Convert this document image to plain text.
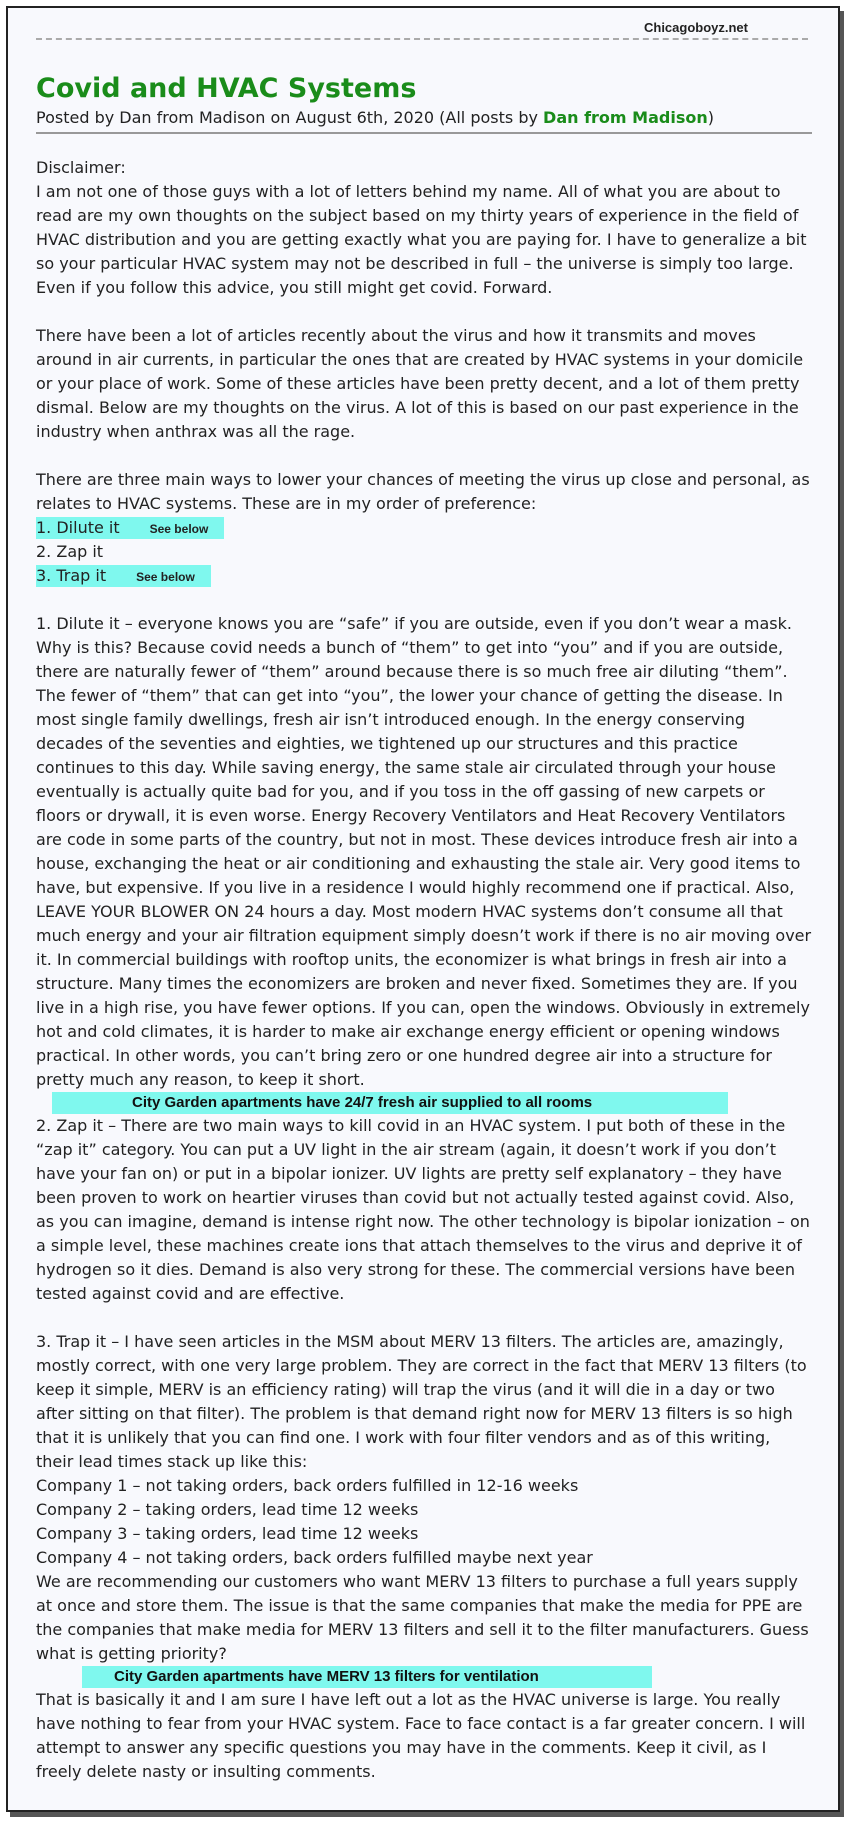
Chicagoboyz.net
Covid and HVAC Systems
Posted by Dan from Madison on August 6th, 2020 (All posts by Dan from Madison)
Disclaimer:

I am not one of those guys with a lot of letters behind my name. All of what you are about to read are my own thoughts on the subject based on my thirty years of experience in the field of HVAC distribution and you are getting exactly what you are paying for. I have to generalize a bit so your particular HVAC system may not be described in full – the universe is simply too large. Even if you follow this advice, you still might get covid. Forward.

There have been a lot of articles recently about the virus and how it transmits and moves around in air currents, in particular the ones that are created by HVAC systems in your domicile or your place of work. Some of these articles have been pretty decent, and a lot of them pretty dismal. Below are my thoughts on the virus. A lot of this is based on our past experience in the industry when anthrax was all the rage.

There are three main ways to lower your chances of meeting the virus up close and personal, as relates to HVAC systems. These are in my order of preference:
1. Dilute it	See below
2. Zap it
3. Trap it	See below
1. Dilute it – everyone knows you are “safe” if you are outside, even if you don’t wear a mask. Why is this? Because covid needs a bunch of “them” to get into “you” and if you are outside, there are naturally fewer of “them” around because there is so much free air diluting “them”. The fewer of “them” that can get into “you”, the lower your chance of getting the disease. In most single family dwellings, fresh air isn’t introduced enough. In the energy conserving decades of the seventies and eighties, we tightened up our structures and this practice continues to this day. While saving energy, the same stale air circulated through your house eventually is actually quite bad for you, and if you toss in the off gassing of new carpets or floors or drywall, it is even worse. Energy Recovery Ventilators and Heat Recovery Ventilators are code in some parts of the country, but not in most. These devices introduce fresh air into a house, exchanging the heat or air conditioning and exhausting the stale air. Very good items to have, but expensive. If you live in a residence I would highly recommend one if practical. Also, LEAVE YOUR BLOWER ON 24 hours a day. Most modern HVAC systems don’t consume all that much energy and your air filtration equipment simply doesn’t work if there is no air moving over it. In commercial buildings with rooftop units, the economizer is what brings in fresh air into a structure. Many times the economizers are broken and never fixed. Sometimes they are. If you live in a high rise, you have fewer options. If you can, open the windows. Obviously in extremely hot and cold climates, it is harder to make air exchange energy efficient or opening windows practical. In other words, you can’t bring zero or one hundred degree air into a structure for pretty much any reason, to keep it short.
City Garden apartments have 24/7 fresh air supplied to all rooms

2. Zap it – There are two main ways to kill covid in an HVAC system. I put both of these in the “zap it” category. You can put a UV light in the air stream (again, it doesn’t work if you don’t have your fan on) or put in a bipolar ionizer. UV lights are pretty self explanatory – they have been proven to work on heartier viruses than covid but not actually tested against covid. Also, as you can imagine, demand is intense right now. The other technology is bipolar ionization – on a simple level, these machines create ions that attach themselves to the virus and deprive it of hydrogen so it dies. Demand is also very strong for these. The commercial versions have been tested against covid and are effective.

3. Trap it – I have seen articles in the MSM about MERV 13 filters. The articles are, amazingly, mostly correct, with one very large problem. They are correct in the fact that MERV 13 filters (to keep it simple, MERV is an efficiency rating) will trap the virus (and it will die in a day or two after sitting on that filter). The problem is that demand right now for MERV 13 filters is so high that it is unlikely that you can find one. I work with four filter vendors and as of this writing, their lead times stack up like this:
Company 1 – not taking orders, back orders fulfilled in 12-16 weeks
Company 2 – taking orders, lead time 12 weeks
Company 3 – taking orders, lead time 12 weeks
Company 4 – not taking orders, back orders fulfilled maybe next year
We are recommending our customers who want MERV 13 filters to purchase a full years supply at once and store them. The issue is that the same companies that make the media for PPE are the companies that make media for MERV 13 filters and sell it to the filter manufacturers. Guess what is getting priority?
City Garden apartments have MERV 13 filters for ventilation
That is basically it and I am sure I have left out a lot as the HVAC universe is large. You really have nothing to fear from your HVAC system. Face to face contact is a far greater concern. I will attempt to answer any specific questions you may have in the comments. Keep it civil, as I freely delete nasty or insulting comments.
